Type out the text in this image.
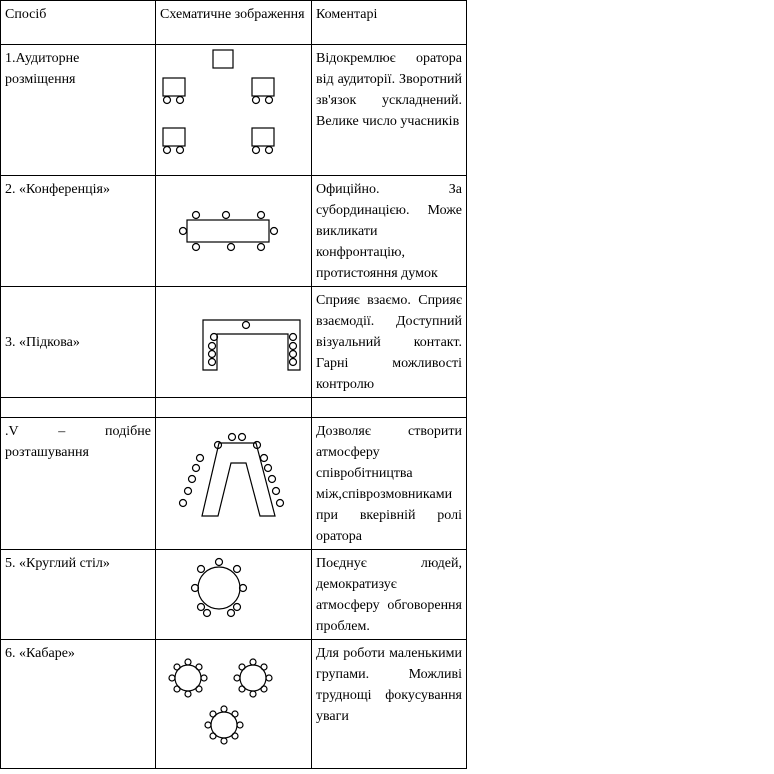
Спосіб	Схематичне зображення	Коментарі
1.Аудиторне розміщення		Відокремлює оратора від аудиторії. Зворотний зв'язок ускладнений. Велике число учасників
2. «Конференція»		Офиційно. За субординацією. Може викликати конфронтацію, протистояння думок
3. «Підкова»		Сприяє взаємо. Сприяє взаємодії. Доступний візуальний контакт. Гарні можливості контролю

.V – подібне розташування		Дозволяє створити атмосферу співробітництва між,співрозмовниками при вкерівній ролі оратора
5. «Круглий стіл»		Поєднує людей, демократизує атмосферу обговорення проблем.
6. «Кабаре»		Для роботи маленькими групами. Можливі труднощі фокусування уваги
